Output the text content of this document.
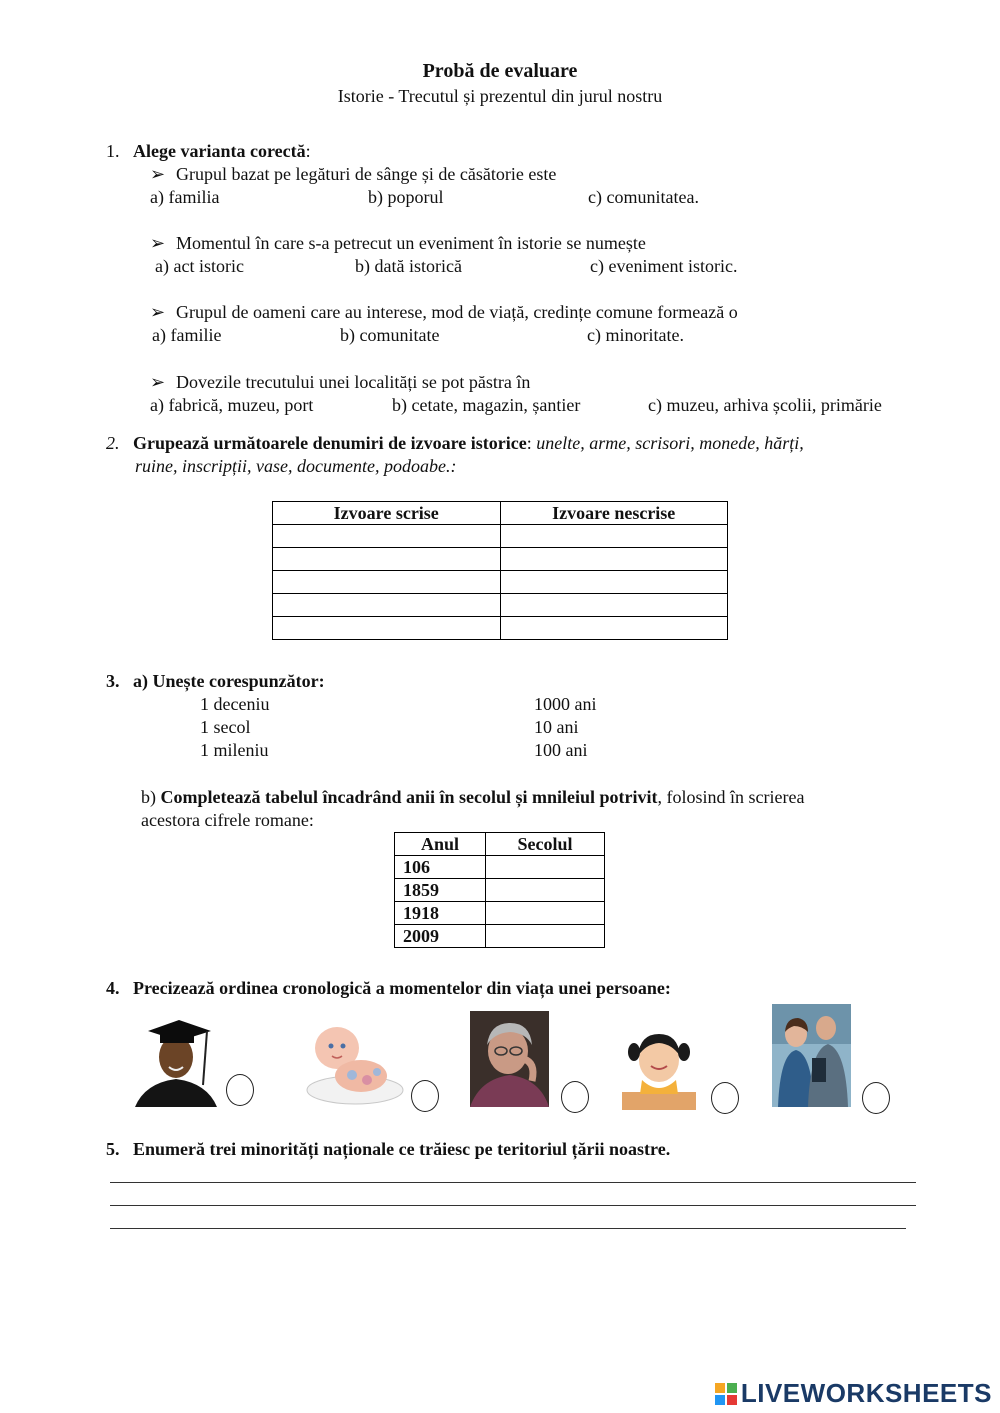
Probă de evaluare
Istorie - Trecutul și prezentul din jurul nostru
1. Alege varianta corectă:
➢ Grupul bazat pe legături de sânge și de căsătorie este
a) familia	b) poporul	c) comunitatea.
➢ Momentul în care s-a petrecut un eveniment în istorie se numește
a) act istoric	b) dată istorică	c) eveniment istoric.
➢ Grupul de oameni care au interese, mod de viață, credințe comune formează o
a) familie	b) comunitate	c) minoritate.
➢ Dovezile trecutului unei localități se pot păstra în
a) fabrică, muzeu, port	b) cetate, magazin, șantier	c) muzeu, arhiva școlii, primărie
2. Grupează următoarele denumiri de izvoare istorice: unelte, arme, scrisori, monede, hărți,
ruine, inscripții, vase, documente, podoabe.:
Izvoare scrise	Izvoare nescrise

3. a) Unește corespunzător:
1 deceniu
1 secol
1 mileniu
1000 ani
10 ani
100 ani
b) Completează tabelul încadrând anii în secolul și mnileiul potrivit, folosind în scrierea
acestora cifrele romane:
Anul	Secolul
106	
1859	
1918	
2009	
4. Precizează ordinea cronologică a momentelor din viața unei persoane:
5. Enumeră trei minorități naționale ce trăiesc pe teritoriul țării noastre.
LIVEWORKSHEETS
